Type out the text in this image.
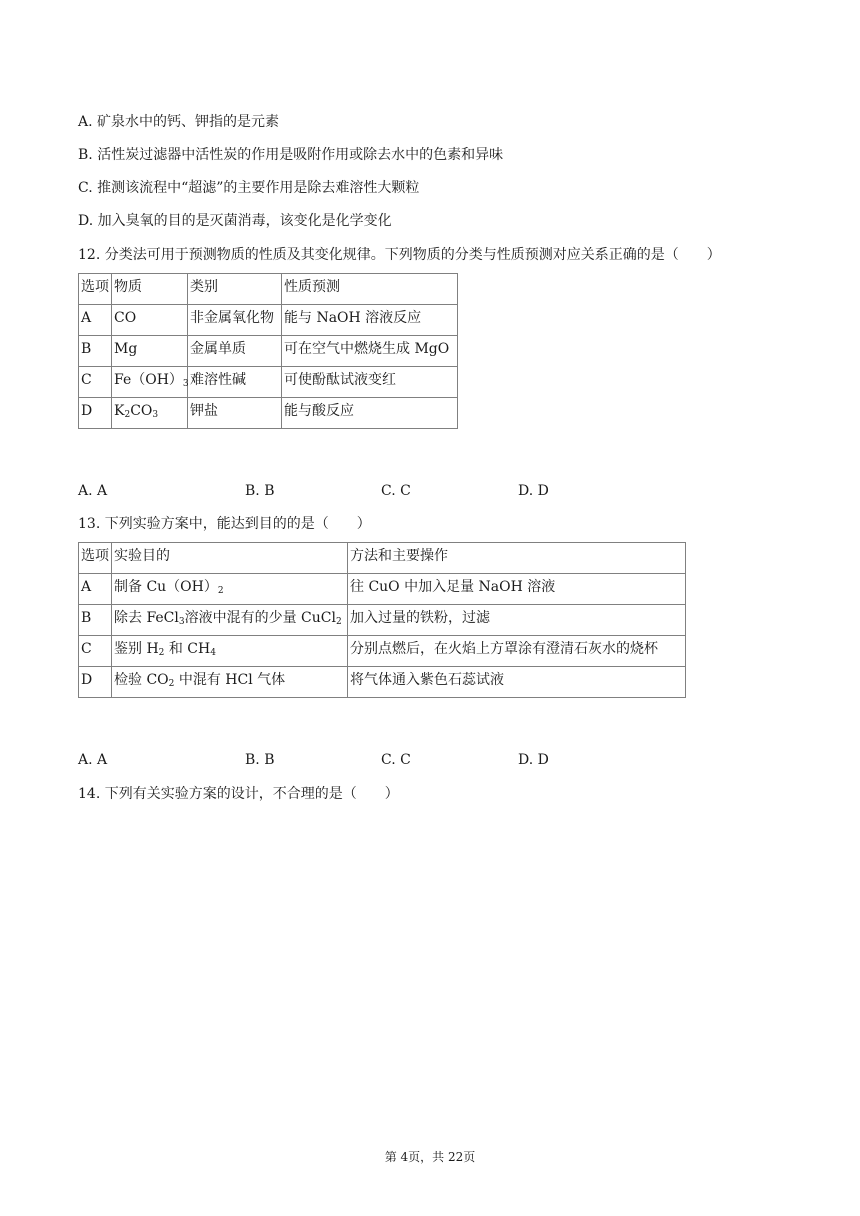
A. 矿泉水中的钙、钾指的是元素
B. 活性炭过滤器中活性炭的作用是吸附作用或除去水中的色素和异味
C. 推测该流程中“超滤”的主要作用是除去难溶性大颗粒
D. 加入臭氧的目的是灭菌消毒，该变化是化学变化
12. 分类法可用于预测物质的性质及其变化规律。下列物质的分类与性质预测对应关系正确的是（　　）
选项	物质	类别	性质预测
A	CO	非金属氧化物	能与 NaOH 溶液反应
B	Mg	金属单质	可在空气中燃烧生成 MgO
C	$Fe(OH)_3$	难溶性碱	可使酚酞试液变红
D	$K_2CO_3$	钾盐	能与酸反应
A. A	B. B	C. C	D. D
13. 下列实验方案中，能达到目的的是（　　）
选项	实验目的	方法和主要操作
A	制备 $Cu(OH)_2$	往 CuO 中加入足量 NaOH 溶液
B	除去 FeCl$_3$溶液中混有的少量 CuCl$_2$	加入过量的铁粉，过滤
C	鉴别 $H_2$ 和 $CH_4$	分别点燃后，在火焰上方罩涂有澄清石灰水的烧杯
D	检验 $CO_2$ 中混有 HCl 气体	将气体通入紫色石蕊试液
A. A	B. B	C. C	D. D
14. 下列有关实验方案的设计，不合理的是（　　）
第 4页，共 22页
